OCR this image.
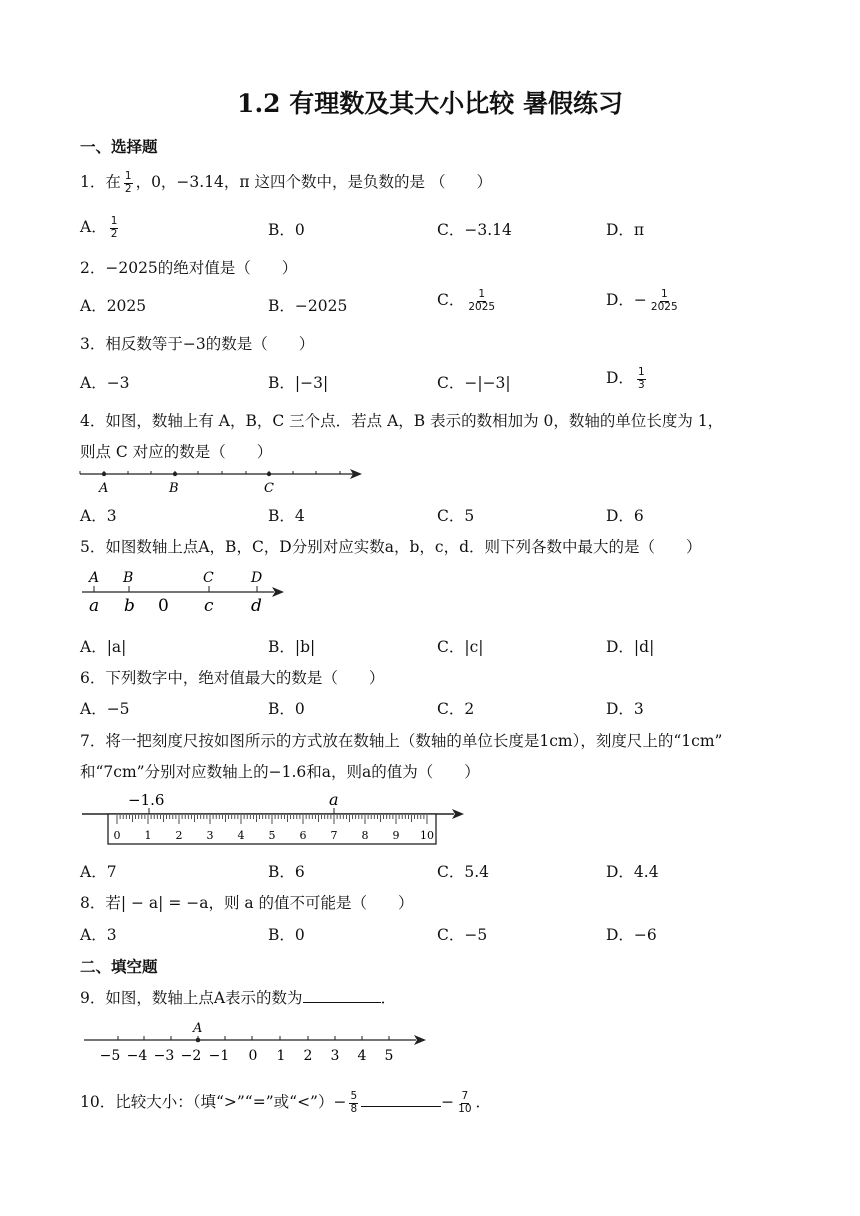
1.2 有理数及其大小比较 暑假练习
一、选择题
1．在 $\frac{1}{2}$ ，0，−3.14，π 这四个数中，是负数的是 （　　）
A． $\frac{1}{2}$	B．0	C．−3.14	D．π
2．−2025的绝对值是（　　）
A．2025	B．−2025	C． $\frac{1}{2025}$	D．− $\frac{1}{2025}$
3．相反数等于−3的数是（　　）
A．−3	B．|−3|	C．−|−3|	D． $\frac{1}{3}$
4．如图，数轴上有 A，B，C 三个点．若点 A，B 表示的数相加为 0，数轴的单位长度为 1，
则点 C 对应的数是（　　）
A	B	C
A．3	B．4	C．5	D．6
5．如图数轴上点A，B，C，D分别对应实数a，b，c，d．则下列各数中最大的是（　　）
A B	C	D
a b 0 c d
A．|a|	B．|b|	C．|c|	D．|d|
6．下列数字中，绝对值最大的数是（　　）
A．−5	B．0	C．2	D．3
7．将一把刻度尺按如图所示的方式放在数轴上（数轴的单位长度是1cm），刻度尺上的“1cm”
和“7cm”分别对应数轴上的−1.6和a，则a的值为（　　）
−1.6	a
0 1 2 3 4 5 6 7 8 9 10
A．7	B．6	C．5.4	D．4.4
8．若| − a| = −a，则 a 的值不可能是（　　）
A．3	B．0	C．−5	D．−6
二、填空题
9．如图，数轴上点A表示的数为	．
A
−5 −4 −3 −2 −1 0 1 2 3 4 5
10．比较大小：（填“>”“=”或“<”）− $\frac{5}{8}$	− $\frac{7}{10}$ ．
